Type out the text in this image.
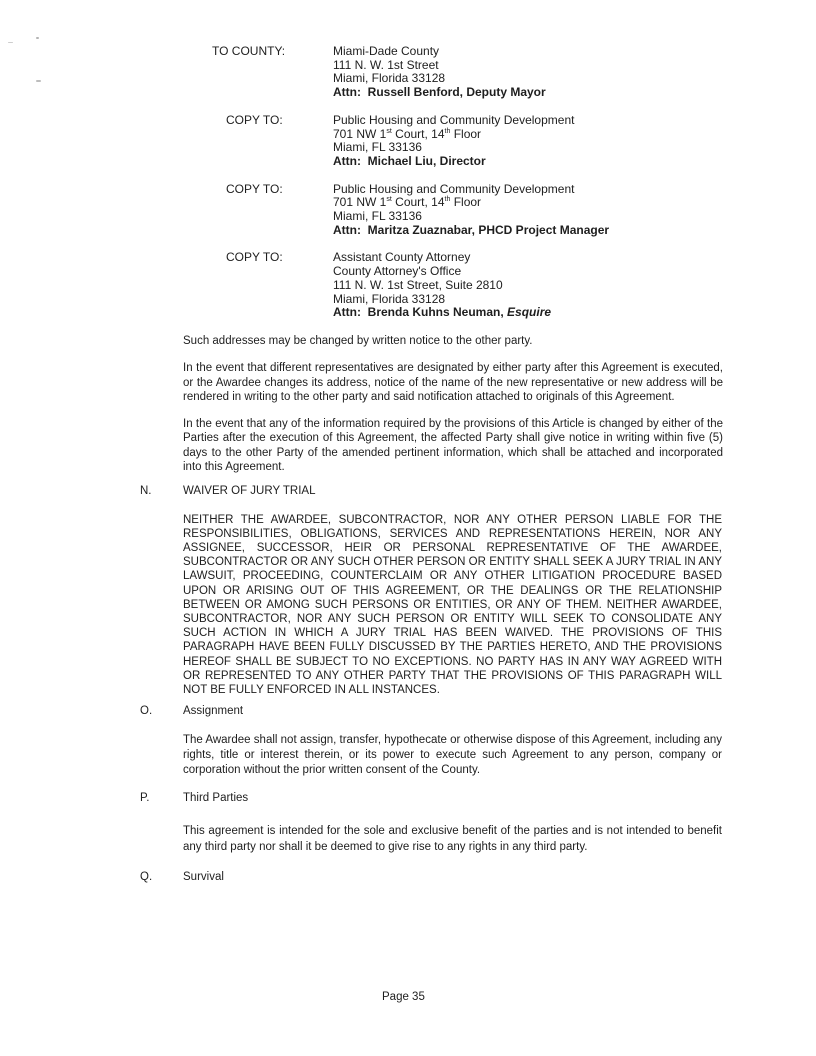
TO COUNTY:	Miami-Dade County
111 N. W. 1st Street
Miami, Florida 33128
Attn:  Russell Benford, Deputy Mayor
COPY TO:	Public Housing and Community Development
701 NW 1st Court, 14th Floor
Miami, FL 33136
Attn:  Michael Liu, Director
COPY TO:	Public Housing and Community Development
701 NW 1st Court, 14th Floor
Miami, FL 33136
Attn:  Maritza Zuaznabar, PHCD Project Manager
COPY TO:	Assistant County Attorney
County Attorney's Office
111 N. W. 1st Street, Suite 2810
Miami, Florida 33128
Attn:  Brenda Kuhns Neuman, Esquire
Such addresses may be changed by written notice to the other party.
In the event that different representatives are designated by either party after this Agreement is executed, or the Awardee changes its address, notice of the name of the new representative or new address will be rendered in writing to the other party and said notification attached to originals of this Agreement.
In the event that any of the information required by the provisions of this Article is changed by either of the Parties after the execution of this Agreement, the affected Party shall give notice in writing within five (5) days to the other Party of the amended pertinent information, which shall be attached and incorporated into this Agreement.
N.	WAIVER OF JURY TRIAL
NEITHER THE AWARDEE, SUBCONTRACTOR, NOR ANY OTHER PERSON LIABLE FOR THE RESPONSIBILITIES, OBLIGATIONS, SERVICES AND REPRESENTATIONS HEREIN, NOR ANY ASSIGNEE, SUCCESSOR, HEIR OR PERSONAL REPRESENTATIVE OF THE AWARDEE, SUBCONTRACTOR OR ANY SUCH OTHER PERSON OR ENTITY SHALL SEEK A JURY TRIAL IN ANY LAWSUIT, PROCEEDING, COUNTERCLAIM OR ANY OTHER LITIGATION PROCEDURE BASED UPON OR ARISING OUT OF THIS AGREEMENT, OR THE DEALINGS OR THE RELATIONSHIP BETWEEN OR AMONG SUCH PERSONS OR ENTITIES, OR ANY OF THEM. NEITHER AWARDEE, SUBCONTRACTOR, NOR ANY SUCH PERSON OR ENTITY WILL SEEK TO CONSOLIDATE ANY SUCH ACTION IN WHICH A JURY TRIAL HAS BEEN WAIVED. THE PROVISIONS OF THIS PARAGRAPH HAVE BEEN FULLY DISCUSSED BY THE PARTIES HERETO, AND THE PROVISIONS HEREOF SHALL BE SUBJECT TO NO EXCEPTIONS. NO PARTY HAS IN ANY WAY AGREED WITH OR REPRESENTED TO ANY OTHER PARTY THAT THE PROVISIONS OF THIS PARAGRAPH WILL NOT BE FULLY ENFORCED IN ALL INSTANCES.
O.	Assignment
The Awardee shall not assign, transfer, hypothecate or otherwise dispose of this Agreement, including any rights, title or interest therein, or its power to execute such Agreement to any person, company or corporation without the prior written consent of the County.
P.	Third Parties
This agreement is intended for the sole and exclusive benefit of the parties and is not intended to benefit any third party nor shall it be deemed to give rise to any rights in any third party.
Q.	Survival
Page 35
